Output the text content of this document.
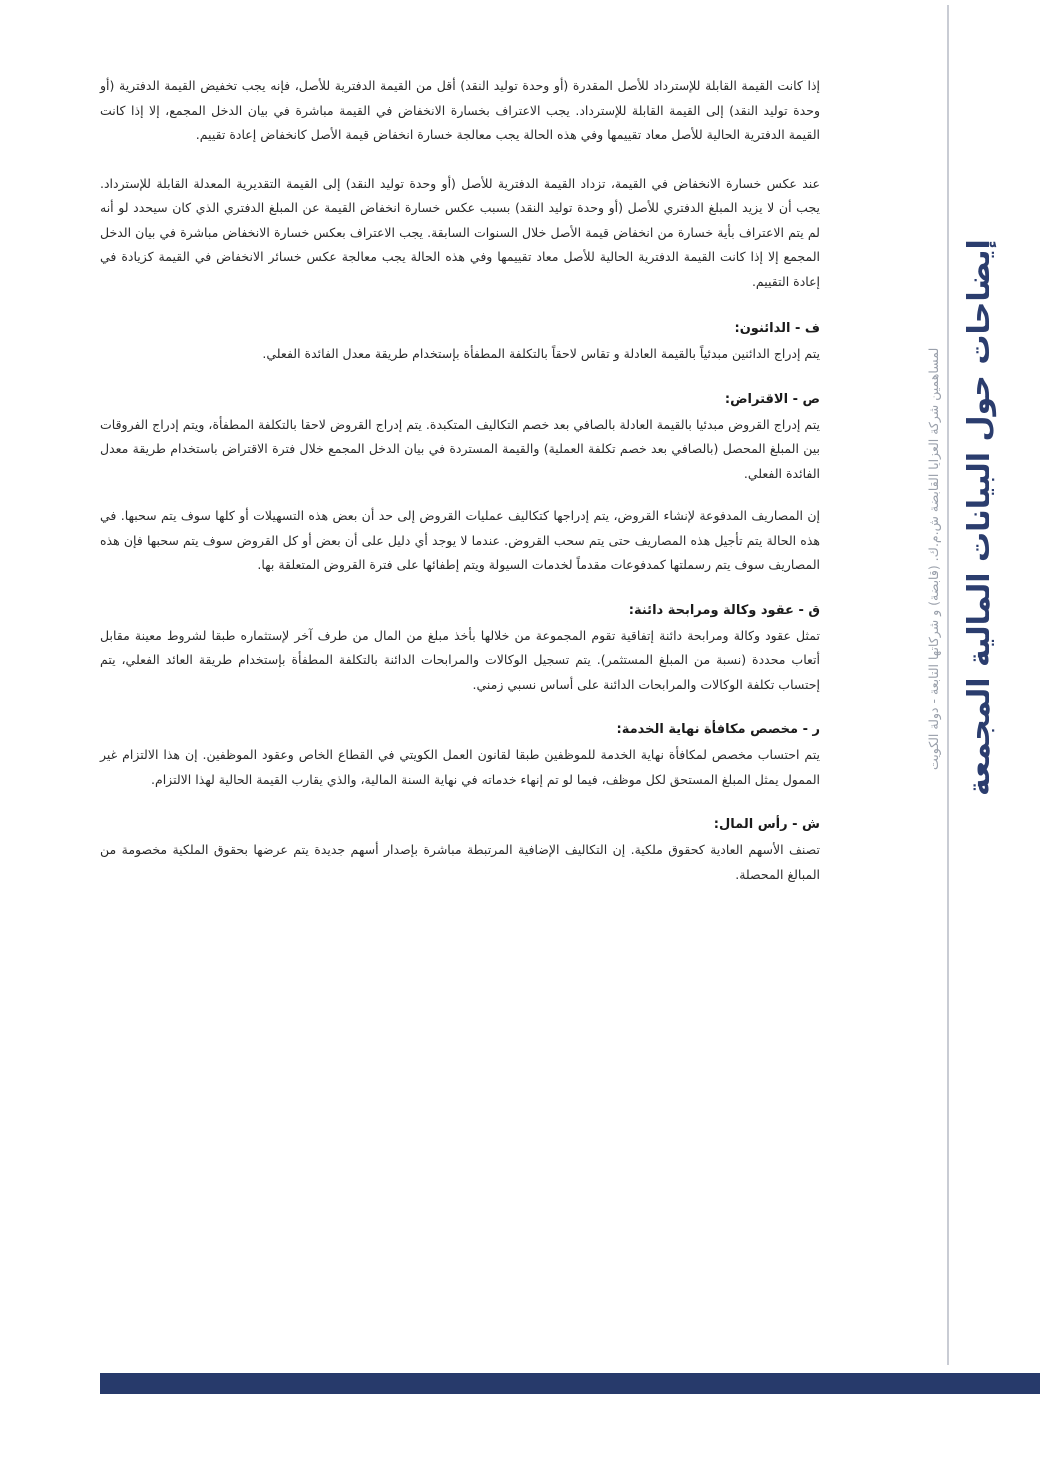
إيضاحات حول البيانات المالية المجمعة
لمساهمين شركة العزايا القابضة ش.م.ك. (قابضة) و شركاتها التابعة - دولة الكويت

إذا كانت القيمة القابلة للإسترداد للأصل المقدرة (أو وحدة توليد النقد) أقل من القيمة الدفترية للأصل، فإنه يجب تخفيض القيمة الدفترية (أو وحدة توليد النقد) إلى القيمة القابلة للإسترداد. يجب الاعتراف بخسارة الانخفاض في القيمة مباشرة في بيان الدخل المجمع، إلا إذا كانت القيمة الدفترية الحالية للأصل معاد تقييمها وفي هذه الحالة يجب معالجة خسارة انخفاض قيمة الأصل كانخفاض إعادة تقييم.

عند عكس خسارة الانخفاض في القيمة، تزداد القيمة الدفترية للأصل (أو وحدة توليد النقد) إلى القيمة التقديرية المعدلة القابلة للإسترداد. يجب أن لا يزيد المبلغ الدفتري للأصل (أو وحدة توليد النقد) بسبب عكس خسارة انخفاض القيمة عن المبلغ الدفتري الذي كان سيحدد لو أنه لم يتم الاعتراف بأية خسارة من انخفاض قيمة الأصل خلال السنوات السابقة. يجب الاعتراف بعكس خسارة الانخفاض مباشرة في بيان الدخل المجمع إلا إذا كانت القيمة الدفترية الحالية للأصل معاد تقييمها وفي هذه الحالة يجب معالجة عكس خسائر الانخفاض في القيمة كزيادة في إعادة التقييم.

ف - الدائنون:

يتم إدراج الدائنين مبدئياً بالقيمة العادلة و تقاس لاحقاً بالتكلفة المطفأة بإستخدام طريقة معدل الفائدة الفعلي.

ص - الاقتراض:

يتم إدراج القروض مبدئيا بالقيمة العادلة بالصافي بعد خصم التكاليف المتكبدة. يتم إدراج القروض لاحقا بالتكلفة المطفأة، ويتم إدراج الفروقات بين المبلغ المحصل (بالصافي بعد خصم تكلفة العملية) والقيمة المستردة في بيان الدخل المجمع خلال فترة الاقتراض باستخدام طريقة معدل الفائدة الفعلي.

إن المصاريف المدفوعة لإنشاء القروض، يتم إدراجها كتكاليف عمليات القروض إلى حد أن بعض هذه التسهيلات أو كلها سوف يتم سحبها. في هذه الحالة يتم تأجيل هذه المصاريف حتى يتم سحب القروض. عندما لا يوجد أي دليل على أن بعض أو كل القروض سوف يتم سحبها فإن هذه المصاريف سوف يتم رسملتها كمدفوعات مقدماً لخدمات السيولة ويتم إطفائها على فترة القروض المتعلقة بها.

ق - عقود وكالة ومرابحة دائنة:

تمثل عقود وكالة ومرابحة دائنة إتفاقية تقوم المجموعة من خلالها بأخذ مبلغ من المال من طرف آخر لإستثماره طبقا لشروط معينة مقابل أتعاب محددة (نسبة من المبلغ المستثمر). يتم تسجيل الوكالات والمرابحات الدائنة بالتكلفة المطفأة بإستخدام طريقة العائد الفعلي، يتم إحتساب تكلفة الوكالات والمرابحات الدائنة على أساس نسبي زمني.

ر - مخصص مكافأة نهاية الخدمة:

يتم احتساب مخصص لمكافأة نهاية الخدمة للموظفين طبقا لقانون العمل الكويتي في القطاع الخاص وعقود الموظفين. إن هذا الالتزام غير الممول يمثل المبلغ المستحق لكل موظف، فيما لو تم إنهاء خدماته في نهاية السنة المالية، والذي يقارب القيمة الحالية لهذا الالتزام.

ش - رأس المال:

تصنف الأسهم العادية كحقوق ملكية. إن التكاليف الإضافية المرتبطة مباشرة بإصدار أسهم جديدة يتم عرضها بحقوق الملكية مخصومة من المبالغ المحصلة.
